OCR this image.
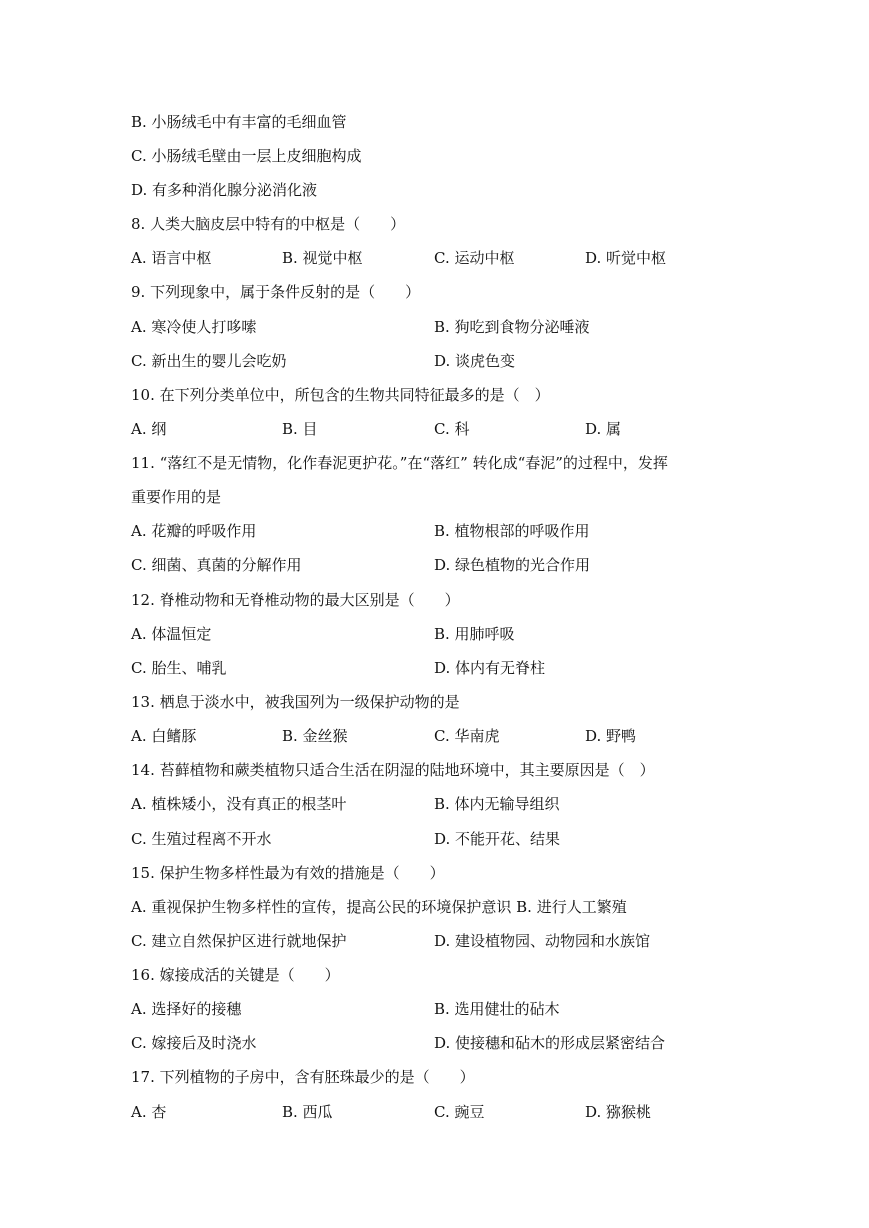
B. 小肠绒毛中有丰富的毛细血管
C. 小肠绒毛壁由一层上皮细胞构成
D. 有多种消化腺分泌消化液
8. 人类大脑皮层中特有的中枢是（　　）
A. 语言中枢	B. 视觉中枢	C. 运动中枢	D. 听觉中枢
9. 下列现象中，属于条件反射的是（　　）
A. 寒冷使人打哆嗦	B. 狗吃到食物分泌唾液
C. 新出生的婴儿会吃奶	D. 谈虎色变
10. 在下列分类单位中，所包含的生物共同特征最多的是（　）
A. 纲	B. 目	C. 科	D. 属
11. “落红不是无情物，化作春泥更护花。”在“落红” 转化成“春泥”的过程中，发挥
重要作用的是
A. 花瓣的呼吸作用	B. 植物根部的呼吸作用
C. 细菌、真菌的分解作用	D. 绿色植物的光合作用
12. 脊椎动物和无脊椎动物的最大区别是（　　）
A. 体温恒定	B. 用肺呼吸
C. 胎生、哺乳	D. 体内有无脊柱
13. 栖息于淡水中，被我国列为一级保护动物的是
A. 白鳍豚	B. 金丝猴	C. 华南虎	D. 野鸭
14. 苔藓植物和蕨类植物只适合生活在阴湿的陆地环境中，其主要原因是（　）
A. 植株矮小，没有真正的根茎叶	B. 体内无输导组织
C. 生殖过程离不开水	D. 不能开花、结果
15. 保护生物多样性最为有效的措施是（　　）
A. 重视保护生物多样性的宣传，提高公民的环境保护意识 B. 进行人工繁殖
C. 建立自然保护区进行就地保护	D. 建设植物园、动物园和水族馆
16. 嫁接成活的关键是（　　）
A. 选择好的接穗	B. 选用健壮的砧木
C. 嫁接后及时浇水	D. 使接穗和砧木的形成层紧密结合
17. 下列植物的子房中，含有胚珠最少的是（　　）
A. 杏	B. 西瓜	C. 豌豆	D. 猕猴桃
